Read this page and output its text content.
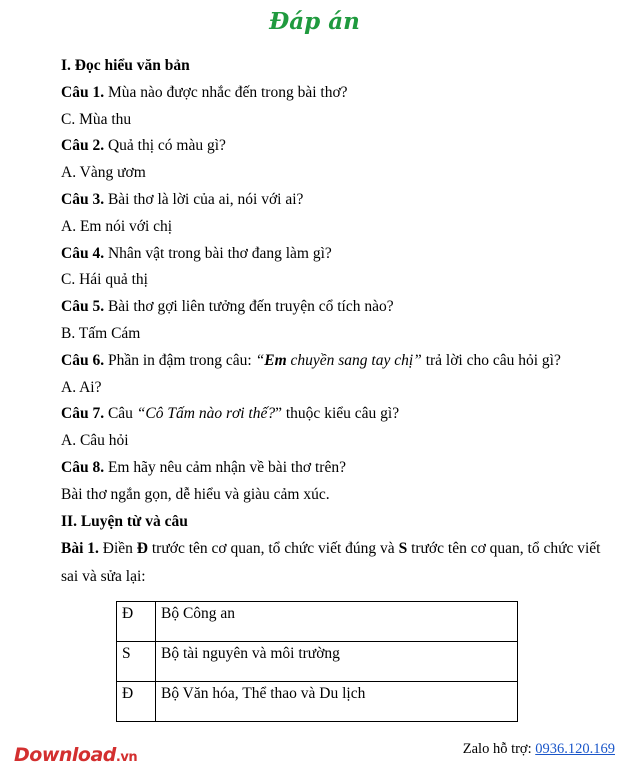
Đáp án
I. Đọc hiểu văn bản
Câu 1. Mùa nào được nhắc đến trong bài thơ?
C. Mùa thu
Câu 2. Quả thị có màu gì?
A. Vàng ươm
Câu 3. Bài thơ là lời của ai, nói với ai?
A. Em nói với chị
Câu 4. Nhân vật trong bài thơ đang làm gì?
C. Hái quả thị
Câu 5. Bài thơ gợi liên tưởng đến truyện cổ tích nào?
B. Tấm Cám
Câu 6. Phần in đậm trong câu: “Em chuyền sang tay chị” trả lời cho câu hỏi gì?
A. Ai?
Câu 7. Câu “Cô Tấm nào rơi thế?” thuộc kiểu câu gì?
A. Câu hỏi
Câu 8. Em hãy nêu cảm nhận về bài thơ trên?
Bài thơ ngắn gọn, dễ hiểu và giàu cảm xúc.
II. Luyện từ và câu
Bài 1. Điền Đ trước tên cơ quan, tổ chức viết đúng và S trước tên cơ quan, tổ chức viết sai và sửa lại:
Đ	Bộ Công an
S	Bộ tài nguyên và môi trường
Đ	Bộ Văn hóa, Thể thao và Du lịch
Download.vn
Zalo hỗ trợ: 0936.120.169
